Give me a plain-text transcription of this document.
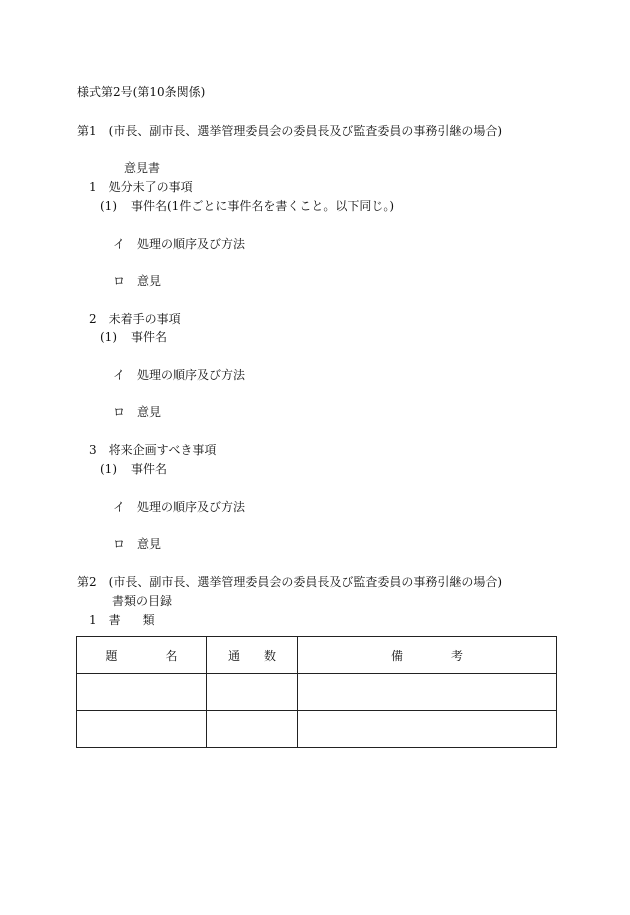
様式第2号(第10条関係)
第1 (市長、副市長、選挙管理委員会の委員長及び監査委員の事務引継の場合)
意見書
1 処分未了の事項
(1) 事件名(1件ごとに事件名を書くこと。以下同じ。)
イ 処理の順序及び方法
ロ 意見
2 未着手の事項
(1) 事件名
イ 処理の順序及び方法
ロ 意見
3 将来企画すべき事項
(1) 事件名
イ 処理の順序及び方法
ロ 意見
第2 (市長、副市長、選挙管理委員会の委員長及び監査委員の事務引継の場合)
書類の目録
1 書 類
題 名	通 数	備 考
